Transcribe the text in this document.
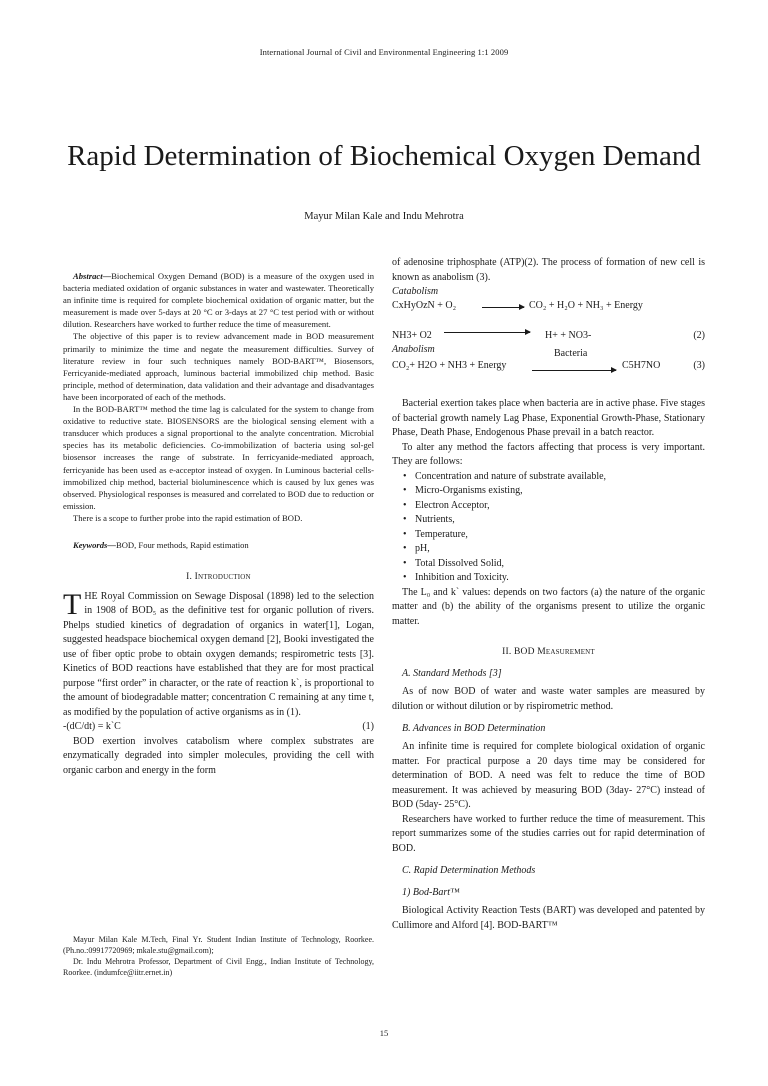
International Journal of Civil and Environmental Engineering 1:1 2009
Rapid Determination of Biochemical Oxygen Demand
Mayur Milan Kale and Indu Mehrotra

Abstract—Biochemical Oxygen Demand (BOD) is a measure of the oxygen used in bacteria mediated oxidation of organic substances in water and wastewater. Theoretically an infinite time is required for complete biochemical oxidation of organic matter, but the measurement is made over 5-days at 20 °C or 3-days at 27 °C test period with or without dilution. Researchers have worked to further reduce the time of measurement.

The objective of this paper is to review advancement made in BOD measurement primarily to minimize the time and negate the measurement difficulties. Survey of literature review in four such techniques namely BOD-BART™, Biosensors, Ferricyanide-mediated approach, luminous bacterial immobilized chip method. Basic principle, method of determination, data validation and their advantage and disadvantages have been incorporated of each of the methods.

In the BOD-BART™ method the time lag is calculated for the system to change from oxidative to reductive state. BIOSENSORS are the biological sensing element with a transducer which produces a signal proportional to the analyte concentration. Microbial species has its metabolic deficiencies. Co-immobilization of bacteria using sol-gel biosensor increases the range of substrate. In ferricyanide-mediated approach, ferricyanide has been used as e-acceptor instead of oxygen. In Luminous bacterial cells-immobilized chip method, bacterial bioluminescence which is caused by lux genes was observed. Physiological responses is measured and correlated to BOD due to reduction or emission.

There is a scope to further probe into the rapid estimation of BOD.

Keywords—BOD, Four methods, Rapid estimation
I. Introduction

THE Royal Commission on Sewage Disposal (1898) led to the selection in 1908 of BOD₅ as the definitive test for organic pollution of rivers. Phelps studied kinetics of degradation of organics in water[1], Logan, suggested headspace biochemical oxygen demand [2], Booki investigated the use of fiber optic probe to obtain oxygen demands; respirometric tests [3]. Kinetics of BOD reactions have established that they are for most practical purpose “first order” in character, or the rate of reaction k`, is proportional to the amount of biodegradable matter; concentration C remaining at any time t, as modified by the population of active organisms as in (1).

-(dC/dt) = k`C	(1)

BOD exertion involves catabolism where complex substrates are enzymatically degraded into simpler molecules, providing the cell with organic carbon and energy in the form

Mayur Milan Kale M.Tech, Final Yr. Student Indian Institute of Technology, Roorkee. (Ph.no.:09917720969; mkale.stu@gmail.com);

Dr. Indu Mehrotra Professor, Department of Civil Engg., Indian Institute of Technology, Roorkee. (indumfce@iitr.ernet.in)

of adenosine triphosphate (ATP)(2). The process of formation of new cell is known as anabolism (3).

Catabolism
CxHyOzN + O₂	CO₂ + H₂O + NH₃ + Energy
NH3+ O2	H+ + NO3-	(2)
Anabolism	Bacteria
CO₂+ H2O + NH3 + Energy	C5H7NO	(3)

Bacterial exertion takes place when bacteria are in active phase. Five stages of bacterial growth namely Lag Phase, Exponential Growth-Phase, Stationary Phase, Death Phase, Endogenous Phase prevail in a batch reactor.

To alter any method the factors affecting that process is very important. They are follows:

• Concentration and nature of substrate available,
• Micro-Organisms existing,
• Electron Acceptor,
• Nutrients,
• Temperature,
• pH,
• Total Dissolved Solid,
• Inhibition and Toxicity.

The L₀ and k` values: depends on two factors (a) the nature of the organic matter and (b) the ability of the organisms present to utilize the organic matter.

II. BOD Measurement
A. Standard Methods [3]

As of now BOD of water and waste water samples are measured by dilution or without dilution or by rispirometric method.

B. Advances in BOD Determination

An infinite time is required for complete biological oxidation of organic matter. For practical purpose a 20 days time may be considered for determination of BOD. A need was felt to reduce the time of BOD measurement. It was achieved by measuring BOD (3day- 27°C) instead of BOD (5day- 25°C).

Researchers have worked to further reduce the time of measurement. This report summarizes some of the studies carries out for rapid determination of BOD.

C. Rapid Determination Methods
1) Bod-Bart™

Biological Activity Reaction Tests (BART) was developed and patented by Cullimore and Alford [4]. BOD-BART™

15
